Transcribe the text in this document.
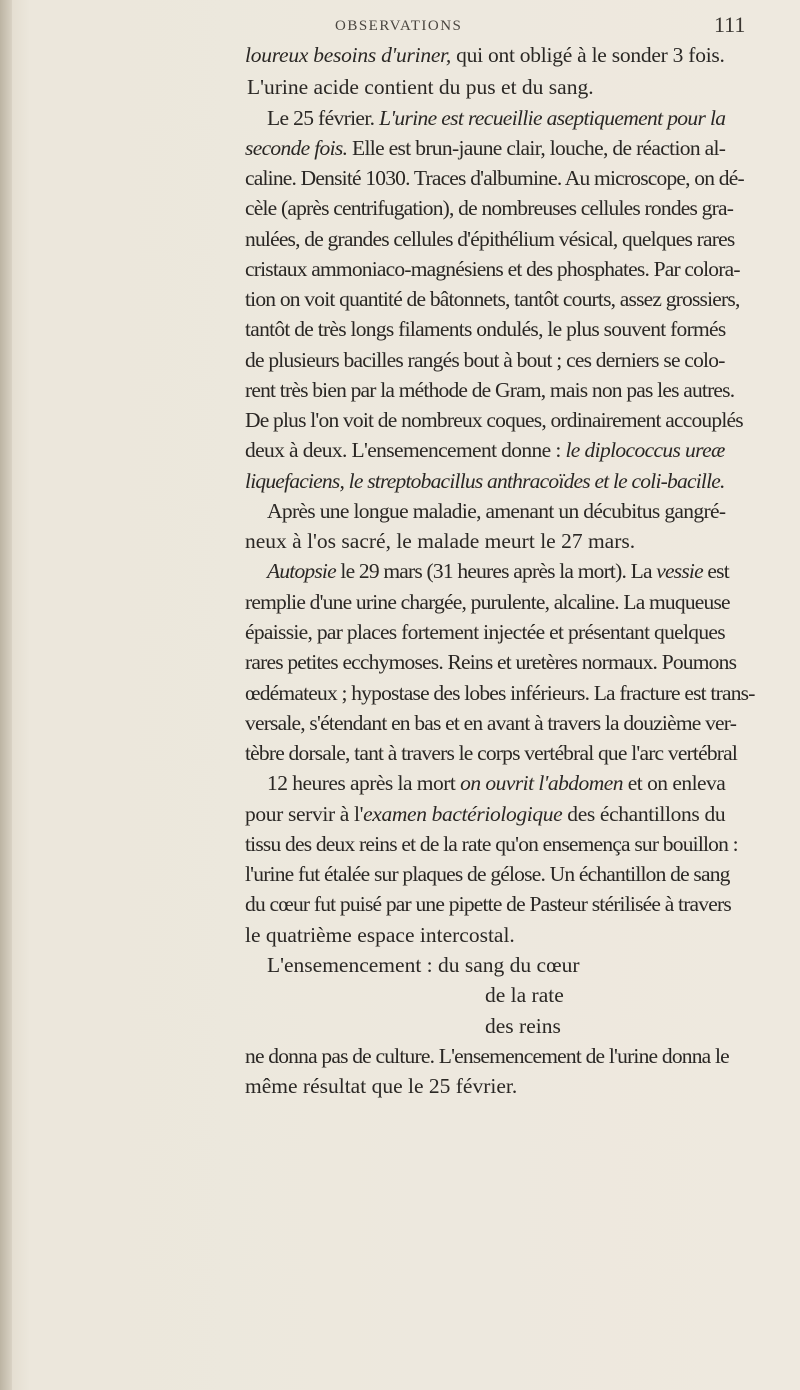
OBSERVATIONS	111
loureux besoins d'uriner, qui ont obligé à le sonder 3 fois.
L'urine acide contient du pus et du sang.
Le 25 février. L'urine est recueillie aseptiquement pour la
seconde fois. Elle est brun-jaune clair, louche, de réaction al-
caline. Densité 1030. Traces d'albumine. Au microscope, on dé-
cèle (après centrifugation), de nombreuses cellules rondes gra-
nulées, de grandes cellules d'épithélium vésical, quelques rares
cristaux ammoniaco-magnésiens et des phosphates. Par colora-
tion on voit quantité de bâtonnets, tantôt courts, assez grossiers,
tantôt de très longs filaments ondulés, le plus souvent formés
de plusieurs bacilles rangés bout à bout ; ces derniers se colo-
rent très bien par la méthode de Gram, mais non pas les autres.
De plus l'on voit de nombreux coques, ordinairement accouplés
deux à deux. L'ensemencement donne : le diplococcus ureæ
liquefaciens, le streptobacillus anthracoïdes et le coli-bacille.
Après une longue maladie, amenant un décubitus gangré-
neux à l'os sacré, le malade meurt le 27 mars.
Autopsie le 29 mars (31 heures après la mort). La vessie est
remplie d'une urine chargée, purulente, alcaline. La muqueuse
épaissie, par places fortement injectée et présentant quelques
rares petites ecchymoses. Reins et uretères normaux. Poumons
œdémateux ; hypostase des lobes inférieurs. La fracture est trans-
versale, s'étendant en bas et en avant à travers la douzième ver-
tèbre dorsale, tant à travers le corps vertébral que l'arc vertébral
12 heures après la mort on ouvrit l'abdomen et on enleva
pour servir à l'examen bactériologique des échantillons du
tissu des deux reins et de la rate qu'on ensemença sur bouillon :
l'urine fut étalée sur plaques de gélose. Un échantillon de sang
du cœur fut puisé par une pipette de Pasteur stérilisée à travers
le quatrième espace intercostal.
L'ensemencement : du sang du cœur
de la rate
des reins
ne donna pas de culture. L'ensemencement de l'urine donna le
même résultat que le 25 février.
